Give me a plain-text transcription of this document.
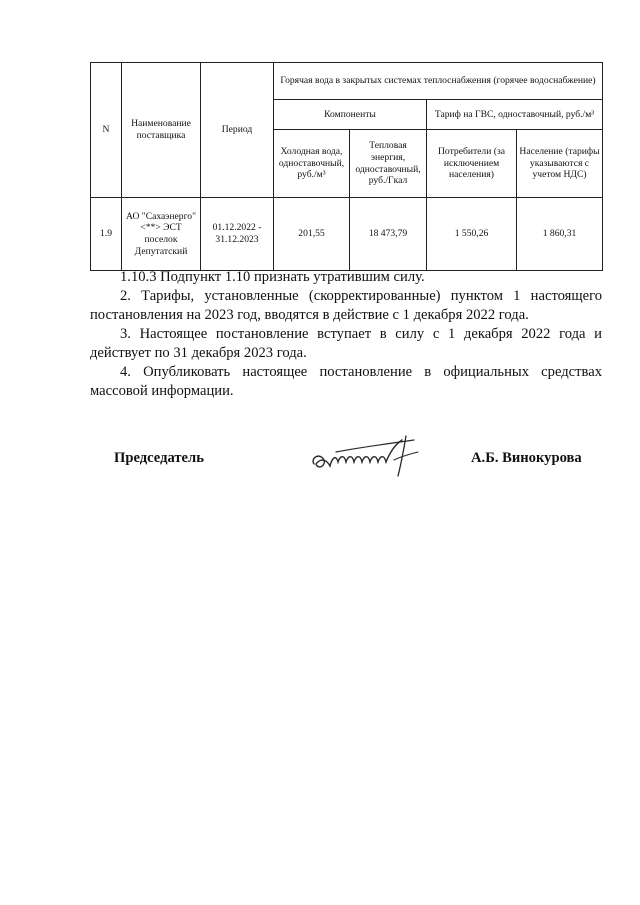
N	Наименование поставщика	Период	Горячая вода в закрытых системах теплоснабжения (горячее водоснабжение)			
			Компоненты		Тариф на ГВС, одноставочный, руб./м³	
			Холодная вода, одноставочный, руб./м³	Тепловая энергия, одноставочный, руб./Гкал	Потребители (за исключением населения)	Население (тарифы указываются с учетом НДС)
1.9	АО "Сахаэнерго" <**> ЭСТ поселок Депутатский	01.12.2022 - 31.12.2023	201,55	18 473,79	1 550,26	1 860,31

1.10.3 Подпункт 1.10 признать утратившим силу.

2. Тарифы, установленные (скорректированные) пунктом 1 настоящего постановления на 2023 год, вводятся в действие с 1 декабря 2022 года.

3. Настоящее постановление вступает в силу с 1 декабря 2022 года и действует по 31 декабря 2023 года.

4. Опубликовать настоящее постановление в официальных средствах массовой информации.

Председатель	А.Б. Винокурова
